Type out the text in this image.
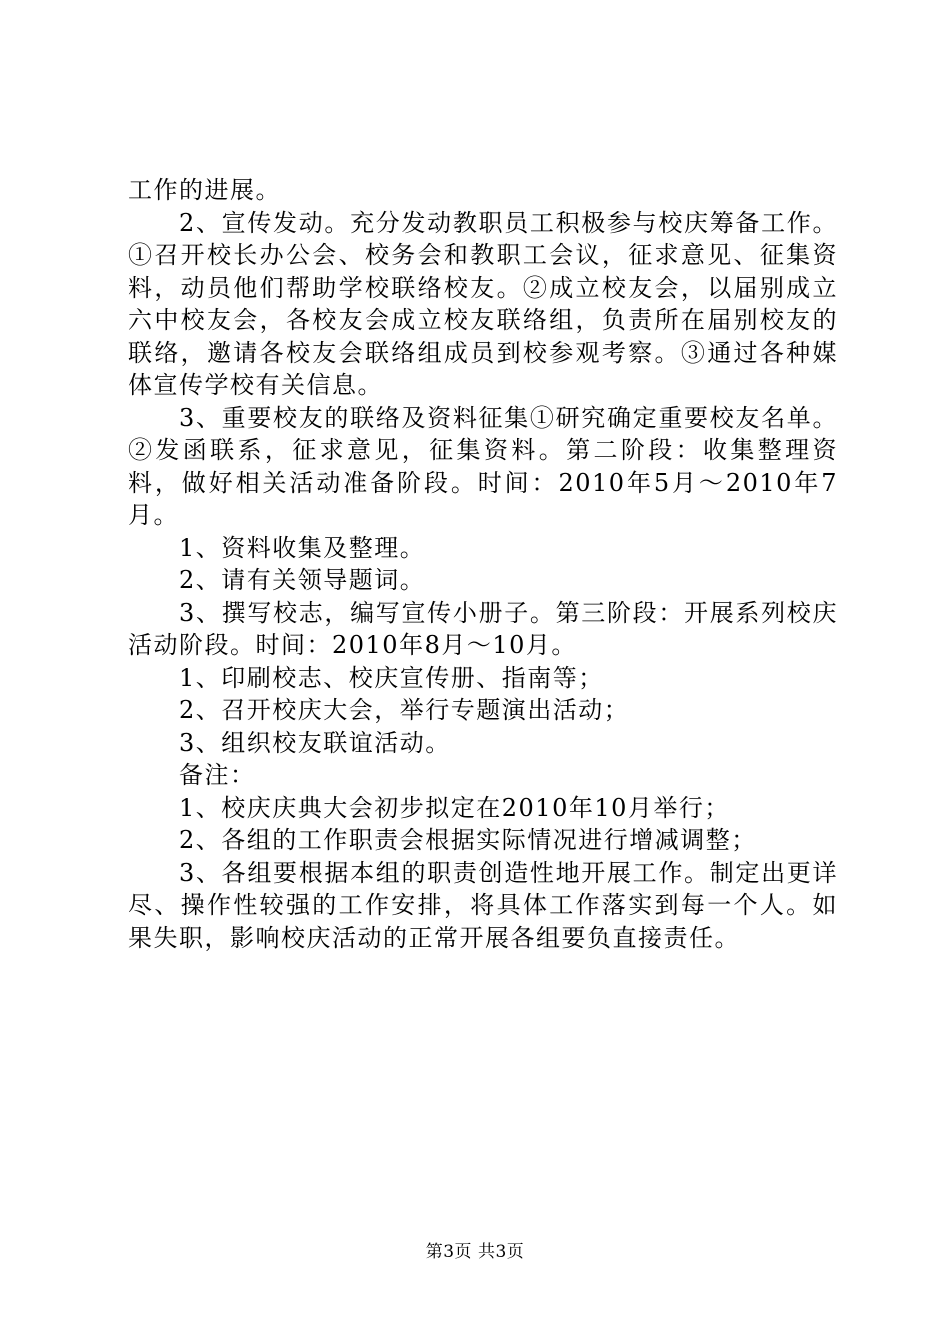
工作的进展。

2、宣传发动。充分发动教职员工积极参与校庆筹备工作。①召开校长办公会、校务会和教职工会议，征求意见、征集资料，动员他们帮助学校联络校友。②成立校友会，以届别成立六中校友会，各校友会成立校友联络组，负责所在届别校友的联络，邀请各校友会联络组成员到校参观考察。③通过各种媒体宣传学校有关信息。

3、重要校友的联络及资料征集①研究确定重要校友名单。②发函联系，征求意见，征集资料。第二阶段：收集整理资料，做好相关活动准备阶段。时间：2010年5月～2010年7月。

1、资料收集及整理。

2、请有关领导题词。

3、撰写校志，编写宣传小册子。第三阶段：开展系列校庆活动阶段。时间：2010年8月～10月。

1、印刷校志、校庆宣传册、指南等；

2、召开校庆大会，举行专题演出活动；

3、组织校友联谊活动。

备注：

1、校庆庆典大会初步拟定在2010年10月举行；

2、各组的工作职责会根据实际情况进行增减调整；

3、各组要根据本组的职责创造性地开展工作。制定出更详尽、操作性较强的工作安排，将具体工作落实到每一个人。如果失职，影响校庆活动的正常开展各组要负直接责任。

第3页 共3页
